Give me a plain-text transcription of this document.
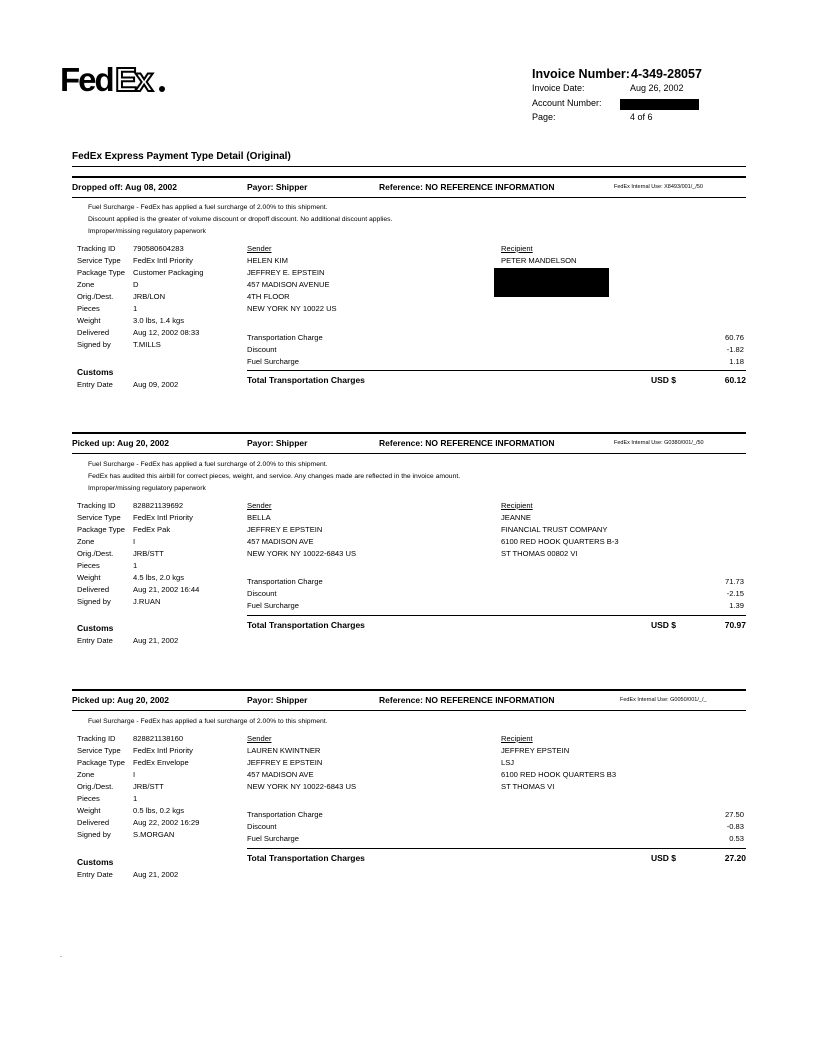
Fed Ex	Invoice Number: 4-349-28057
Invoice Date:	Aug 26, 2002
Account Number:
Page:	4 of 6
FedEx Express Payment Type Detail (Original)
Dropped off: Aug 08, 2002	Payor: Shipper	Reference: NO REFERENCE INFORMATION	FedEx Internal Use: X8493/001/_/50
Fuel Surcharge - FedEx has applied a fuel surcharge of 2.00% to this shipment.
Discount applied is the greater of volume discount or dropoff discount. No additional discount applies.
Improper/missing regulatory paperwork
Tracking ID 790580604283
Service Type FedEx Intl Priority
Package Type Customer Packaging
Zone	D
Orig./Dest.	JRB/LON
Pieces	1
Weight	3.0 lbs, 1.4 kgs
Delivered	Aug 12, 2002 08:33
Signed by	T.MILLS
Customs
Entry Date	Aug 09, 2002
Sender
HELEN KIM
JEFFREY E. EPSTEIN
457 MADISON AVENUE
4TH FLOOR
NEW YORK NY 10022 US
Recipient
PETER MANDELSON
Transportation Charge	60.76
Discount	-1.82
Fuel Surcharge	1.18
Total Transportation Charges	USD $	60.12
Picked up: Aug 20, 2002	Payor: Shipper	Reference: NO REFERENCE INFORMATION	FedEx Internal Use: G0380/001/_/50
Fuel Surcharge - FedEx has applied a fuel surcharge of 2.00% to this shipment.
FedEx has audited this airbill for correct pieces, weight, and service. Any changes made are reflected in the invoice amount.
Improper/missing regulatory paperwork
Tracking ID 828821139692
Service Type FedEx Intl Priority
Package Type FedEx Pak
Zone	I
Orig./Dest.	JRB/STT
Pieces	1
Weight	4.5 lbs, 2.0 kgs
Delivered	Aug 21, 2002 16:44
Signed by	J.RUAN
Customs
Entry Date	Aug 21, 2002
Sender
BELLA
JEFFREY E EPSTEIN
457 MADISON AVE
NEW YORK NY 10022-6843 US
Recipient
JEANNE
FINANCIAL TRUST COMPANY
6100 RED HOOK QUARTERS B-3
ST THOMAS 00802 VI
Transportation Charge	71.73
Discount	-2.15
Fuel Surcharge	1.39
Total Transportation Charges	USD $	70.97
Picked up: Aug 20, 2002	Payor: Shipper	Reference: NO REFERENCE INFORMATION	FedEx Internal Use: G0050/001/_/_
Fuel Surcharge - FedEx has applied a fuel surcharge of 2.00% to this shipment.
Tracking ID 828821138160
Service Type FedEx Intl Priority
Package Type FedEx Envelope
Zone	I
Orig./Dest.	JRB/STT
Pieces	1
Weight	0.5 lbs, 0.2 kgs
Delivered	Aug 22, 2002 16:29
Signed by	S.MORGAN
Customs
Entry Date	Aug 21, 2002
Sender
LAUREN KWINTNER
JEFFREY E EPSTEIN
457 MADISON AVE
NEW YORK NY 10022-6843 US
Recipient
JEFFREY EPSTEIN
LSJ
6100 RED HOOK QUARTERS B3
ST THOMAS VI
Transportation Charge	27.50
Discount	-0.83
Fuel Surcharge	0.53
Total Transportation Charges	USD $	27.20
.
